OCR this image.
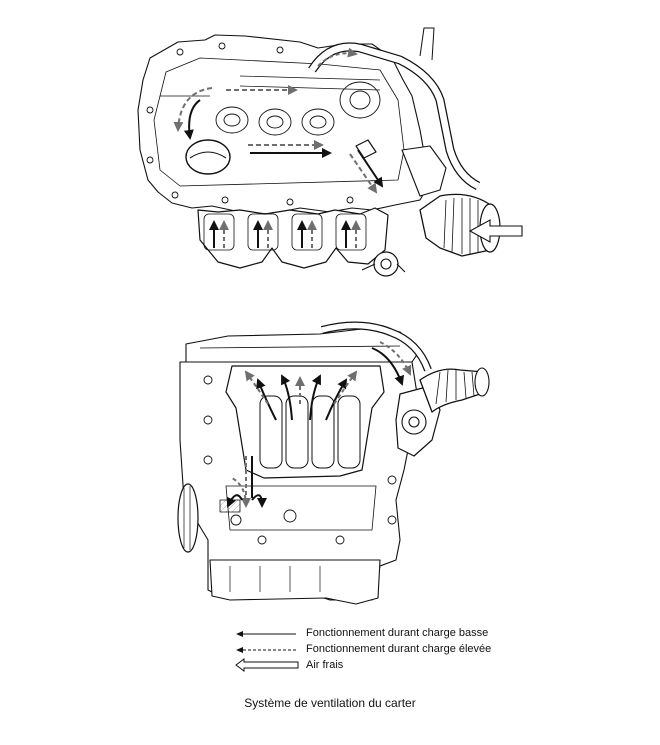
Fonctionnement durant charge basse
Fonctionnement durant charge élevée
Air frais
Système de ventilation du carter
